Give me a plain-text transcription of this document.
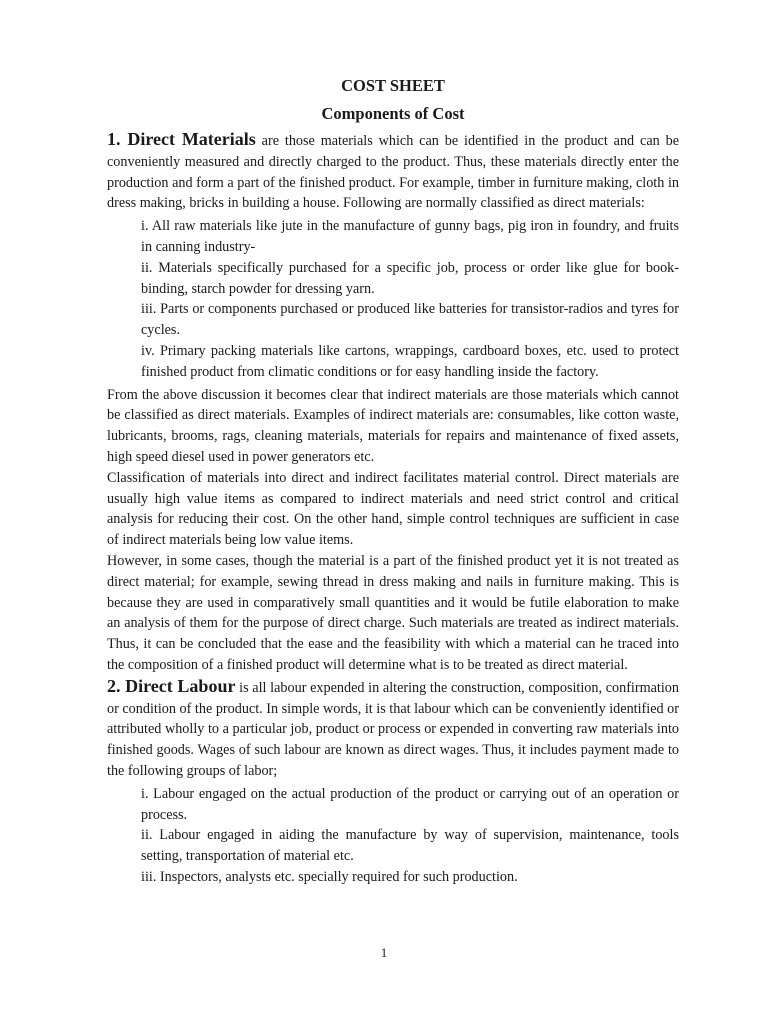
COST SHEET
Components of Cost

1. Direct Materials are those materials which can be identified in the product and can be conveniently measured and directly charged to the product. Thus, these materials directly enter the production and form a part of the finished product. For example, timber in furniture making, cloth in dress making, bricks in building a house. Following are normally classified as direct materials:

i. All raw materials like jute in the manufacture of gunny bags, pig iron in foundry, and fruits in canning industry-
ii. Materials specifically purchased for a specific job, process or order like glue for book-binding, starch powder for dressing yarn.
iii. Parts or components purchased or produced like batteries for transistor-radios and tyres for cycles.
iv. Primary packing materials like cartons, wrappings, cardboard boxes, etc. used to protect finished product from climatic conditions or for easy handling inside the factory.

From the above discussion it becomes clear that indirect materials are those materials which cannot be classified as direct materials. Examples of indirect materials are: consumables, like cotton waste, lubricants, brooms, rags, cleaning materials, materials for repairs and maintenance of fixed assets, high speed diesel used in power generators etc.

Classification of materials into direct and indirect facilitates material control. Direct materials are usually high value items as compared to indirect materials and need strict control and critical analysis for reducing their cost. On the other hand, simple control techniques are sufficient in case of indirect materials being low value items.

However, in some cases, though the material is a part of the finished product yet it is not treated as direct material; for example, sewing thread in dress making and nails in furniture making. This is because they are used in comparatively small quantities and it would be futile elaboration to make an analysis of them for the purpose of direct charge. Such materials are treated as indirect materials. Thus, it can be concluded that the ease and the feasibility with which a material can he traced into the composition of a finished product will determine what is to be treated as direct material.

2. Direct Labour is all labour expended in altering the construction, composition, confirmation or condition of the product. In simple words, it is that labour which can be conveniently identified or attributed wholly to a particular job, product or process or expended in converting raw materials into finished goods. Wages of such labour are known as direct wages. Thus, it includes payment made to the following groups of labor;

i. Labour engaged on the actual production of the product or carrying out of an operation or process.
ii. Labour engaged in aiding the manufacture by way of supervision, maintenance, tools setting, transportation of material etc.
iii. Inspectors, analysts etc. specially required for such production.
1
